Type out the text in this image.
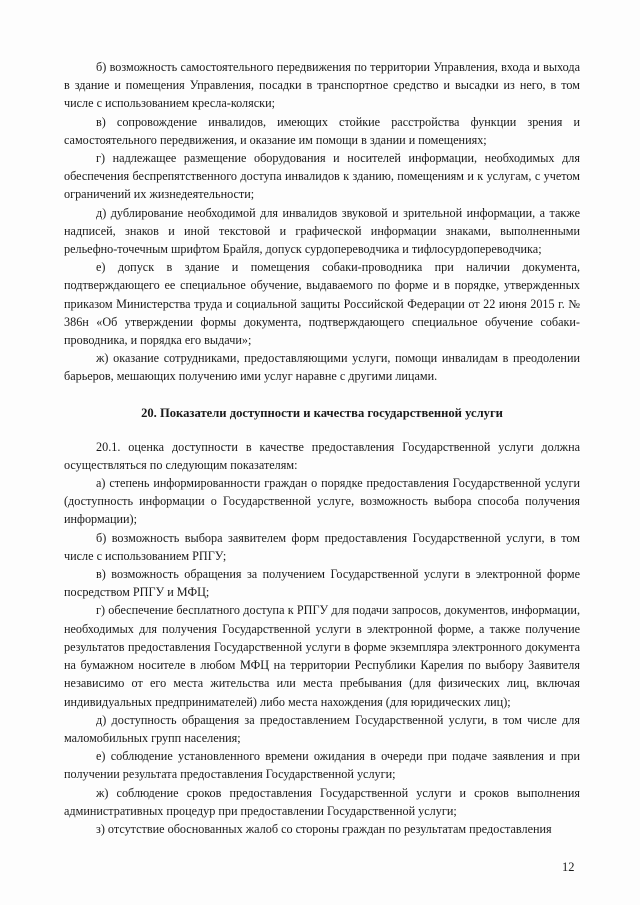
б) возможность самостоятельного передвижения по территории Управления, входа и выхода в здание и помещения Управления, посадки в транспортное средство и высадки из него, в том числе с использованием кресла-коляски;

в) сопровождение инвалидов, имеющих стойкие расстройства функции зрения и самостоятельного передвижения, и оказание им помощи в здании и помещениях;

г) надлежащее размещение оборудования и носителей информации, необходимых для обеспечения беспрепятственного доступа инвалидов к зданию, помещениям и к услугам, с учетом ограничений их жизнедеятельности;

д) дублирование необходимой для инвалидов звуковой и зрительной информации, а также надписей, знаков и иной текстовой и графической информации знаками, выполненными рельефно-точечным шрифтом Брайля, допуск сурдопереводчика и тифлосурдопереводчика;

е) допуск в здание и помещения собаки-проводника при наличии документа, подтверждающего ее специальное обучение, выдаваемого по форме и в порядке, утвержденных приказом Министерства труда и социальной защиты Российской Федерации от 22 июня 2015 г. № 386н «Об утверждении формы документа, подтверждающего специальное обучение собаки-проводника, и порядка его выдачи»;

ж) оказание сотрудниками, предоставляющими услуги, помощи инвалидам в преодолении барьеров, мешающих получению ими услуг наравне с другими лицами.

20. Показатели доступности и качества государственной услуги

20.1. оценка доступности в качестве предоставления Государственной услуги должна осуществляться по следующим показателям:

а) степень информированности граждан о порядке предоставления Государственной услуги (доступность информации о Государственной услуге, возможность выбора способа получения информации);

б) возможность выбора заявителем форм предоставления Государственной услуги, в том числе с использованием РПГУ;

в) возможность обращения за получением Государственной услуги в электронной форме посредством РПГУ и МФЦ;

г) обеспечение бесплатного доступа к РПГУ для подачи запросов, документов, информации, необходимых для получения Государственной услуги в электронной форме, а также получение результатов предоставления Государственной услуги в форме экземпляра электронного документа на бумажном носителе в любом МФЦ на территории Республики Карелия по выбору Заявителя независимо от его места жительства или места пребывания (для физических лиц, включая индивидуальных предпринимателей) либо места нахождения (для юридических лиц);

д) доступность обращения за предоставлением Государственной услуги, в том числе для маломобильных групп населения;

е) соблюдение установленного времени ожидания в очереди при подаче заявления и при получении результата предоставления Государственной услуги;

ж) соблюдение сроков предоставления Государственной услуги и сроков выполнения административных процедур при предоставлении Государственной услуги;

з) отсутствие обоснованных жалоб со стороны граждан по результатам предоставления

12
